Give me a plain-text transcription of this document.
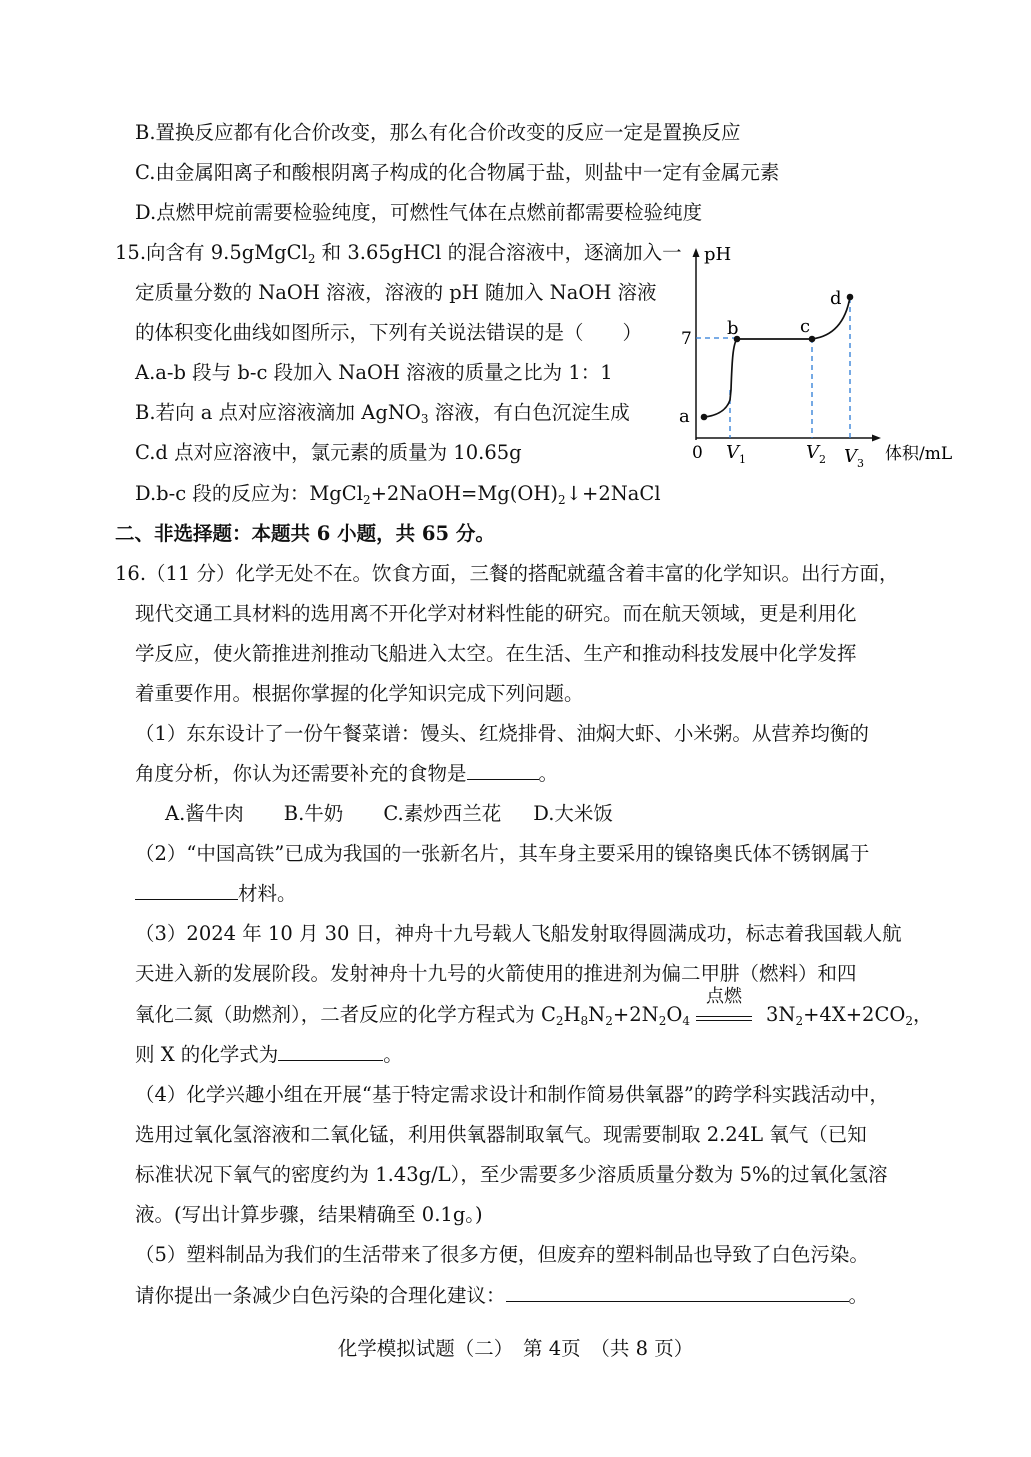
B.置换反应都有化合价改变，那么有化合价改变的反应一定是置换反应
C.由金属阳离子和酸根阴离子构成的化合物属于盐，则盐中一定有金属元素
D.点燃甲烷前需要检验纯度，可燃性气体在点燃前都需要检验纯度
15.向含有 9.5gMgCl$_2$ 和 3.65gHCl 的混合溶液中，逐滴加入一
定质量分数的 NaOH 溶液，溶液的 pH 随加入 NaOH 溶液
的体积变化曲线如图所示，下列有关说法错误的是（　　）
A.a-b 段与 b-c 段加入 NaOH 溶液的质量之比为 1：1
B.若向 a 点对应溶液滴加 AgNO$_3$ 溶液，有白色沉淀生成
C.d 点对应溶液中，氯元素的质量为 10.65g
D.b-c 段的反应为：$MgCl_2+2NaOH=Mg(OH)_2↓+2NaCl$
pH
7
0
a
b	c
d
$V_1$	$V_2$ $V_3$ 体积/mL
二、非选择题：本题共 6 小题，共 65 分。
16.（11 分）化学无处不在。饮食方面，三餐的搭配就蕴含着丰富的化学知识。出行方面，
现代交通工具材料的选用离不开化学对材料性能的研究。而在航天领域，更是利用化
学反应，使火箭推进剂推动飞船进入太空。在生活、生产和推动科技发展中化学发挥
着重要作用。根据你掌握的化学知识完成下列问题。
（1）东东设计了一份午餐菜谱：馒头、红烧排骨、油焖大虾、小米粥。从营养均衡的
角度分析，你认为还需要补充的食物是	。
A.酱牛肉 B.牛奶 C.素炒西兰花 D.大米饭
（2）“中国高铁”已成为我国的一张新名片，其车身主要采用的镍铬奥氏体不锈钢属于
材料。
（3）2024 年 10 月 30 日，神舟十九号载人飞船发射取得圆满成功，标志着我国载人航
天进入新的发展阶段。发射神舟十九号的火箭使用的推进剂为偏二甲肼（燃料）和四
氧化二氮（助燃剂），二者反应的化学方程式为 $C_2H_8N_2+2N_2O_4$
点燃
$3N_2+4X+2CO_2$，
则 X 的化学式为	。
（4）化学兴趣小组在开展“基于特定需求设计和制作简易供氧器”的跨学科实践活动中，
选用过氧化氢溶液和二氧化锰，利用供氧器制取氧气。现需要制取 2.24L 氧气（已知
标准状况下氧气的密度约为 1.43g/L），至少需要多少溶质质量分数为 5%的过氧化氢溶
液。(写出计算步骤，结果精确至 0.1g。)
（5）塑料制品为我们的生活带来了很多方便，但废弃的塑料制品也导致了白色污染。
请你提出一条减少白色污染的合理化建议：	。
化学模拟试题（二）　第 4页　（共 8 页）
